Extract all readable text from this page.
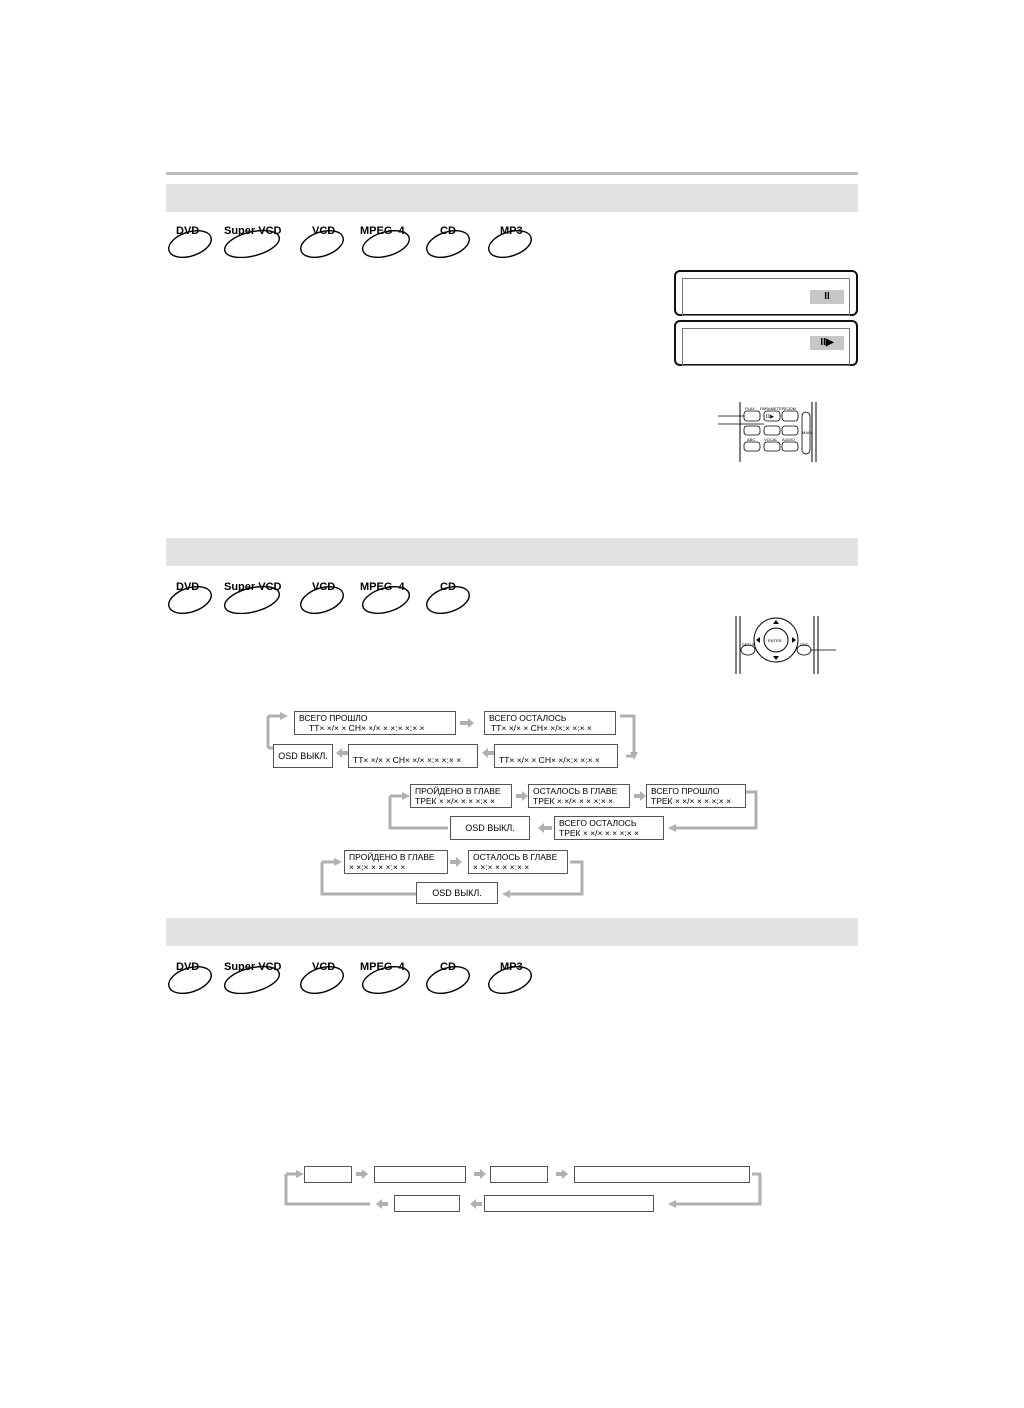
DVD Super VCD	VCD MPEG–4	CD	MP3
II
II▶
PLAY PARAMETER ZOOM
II/▶
ABC VOCAL AUDIO
MAIN
DVD Super VCD	VCD MPEG–4	CD
ENTER
SETUP	OSD
ВСЕГО ПРОШЛО
TT× ×/× × CH× ×/× × ×:× ×:× ×
ВСЕГО ОСТАЛОСЬ
TT× ×/× × CH× ×/×:× ×:× ×
TT× ×/× × CH× ×/×:× ×:× ×
TT× ×/× × CH× ×/× ×:× ×:× ×
OSD ВЫКЛ.
ПРОЙДЕНО В ГЛАВЕ
ТРЕК × ×/× × × ×:× ×
ОСТАЛОСЬ В ГЛАВЕ
ТРЕК × ×/× × × ×:× ×
ВСЕГО ПРОШЛО
ТРЕК × ×/× × × ×:× ×
ВСЕГО ОСТАЛОСЬ
ТРЕК × ×/× × × ×:× ×
OSD ВЫКЛ.
ПРОЙДЕНО В ГЛАВЕ
× ×:× × × ×:× ×
ОСТАЛОСЬ В ГЛАВЕ
× ×:× × × ×:× ×
OSD ВЫКЛ.
DVD Super VCD	VCD MPEG–4	CD	MP3
